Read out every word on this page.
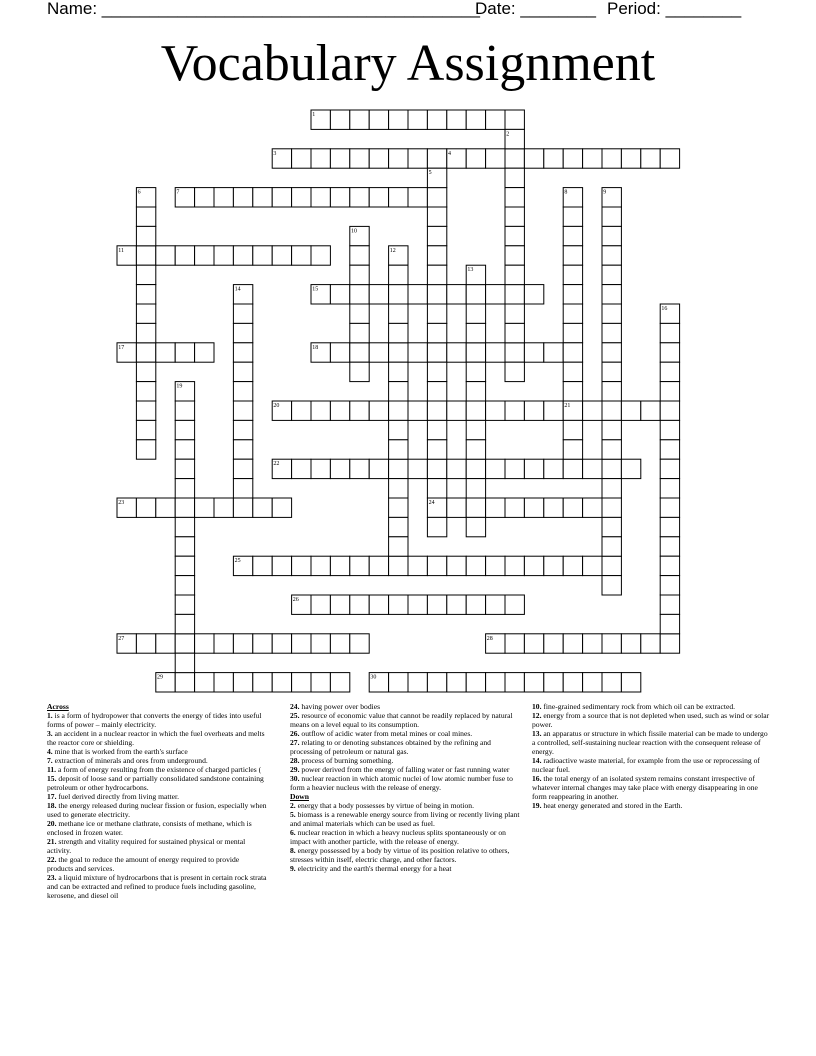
Name: ________________________________________
Date: ________ Period: ________
Vocabulary Assignment
1
3	4
7
11
15
17	18
20	21
22
23	24
25
26
27	28
29	30
2
5
6	8	9
10
12
13
14
16
19

Across

1. is a form of hydropower that converts the energy of tides into useful forms of power – mainly electricity.

3. an accident in a nuclear reactor in which the fuel overheats and melts the reactor core or shielding.

4. mine that is worked from the earth's surface

7. extraction of minerals and ores from underground.

11. a form of energy resulting from the existence of charged particles (

15. deposit of loose sand or partially consolidated sandstone containing petroleum or other hydrocarbons.

17. fuel derived directly from living matter.

18. the energy released during nuclear fission or fusion, especially when used to generate electricity.

20. methane ice or methane clathrate, consists of methane, which is enclosed in frozen water.

21. strength and vitality required for sustained physical or mental activity.

22. the goal to reduce the amount of energy required to provide products and services.

23. a liquid mixture of hydrocarbons that is present in certain rock strata and can be extracted and refined to produce fuels including gasoline, kerosene, and diesel oil

24. having power over bodies

25. resource of economic value that cannot be readily replaced by natural means on a level equal to its consumption.

26. outflow of acidic water from metal mines or coal mines.

27. relating to or denoting substances obtained by the refining and processing of petroleum or natural gas.

28. process of burning something.

29. power derived from the energy of falling water or fast running water

30. nuclear reaction in which atomic nuclei of low atomic number fuse to form a heavier nucleus with the release of energy.

Down

2. energy that a body possesses by virtue of being in motion.

5. biomass is a renewable energy source from living or recently living plant and animal materials which can be used as fuel.

6. nuclear reaction in which a heavy nucleus splits spontaneously or on impact with another particle, with the release of energy.

8. energy possessed by a body by virtue of its position relative to others, stresses within itself, electric charge, and other factors.

9. electricity and the earth's thermal energy for a heat

10. fine-grained sedimentary rock from which oil can be extracted.

12. energy from a source that is not depleted when used, such as wind or solar power.

13. an apparatus or structure in which fissile material can be made to undergo a controlled, self-sustaining nuclear reaction with the consequent release of energy.

14. radioactive waste material, for example from the use or reprocessing of nuclear fuel.

16. the total energy of an isolated system remains constant irrespective of whatever internal changes may take place with energy disappearing in one form reappearing in another.

19. heat energy generated and stored in the Earth.
